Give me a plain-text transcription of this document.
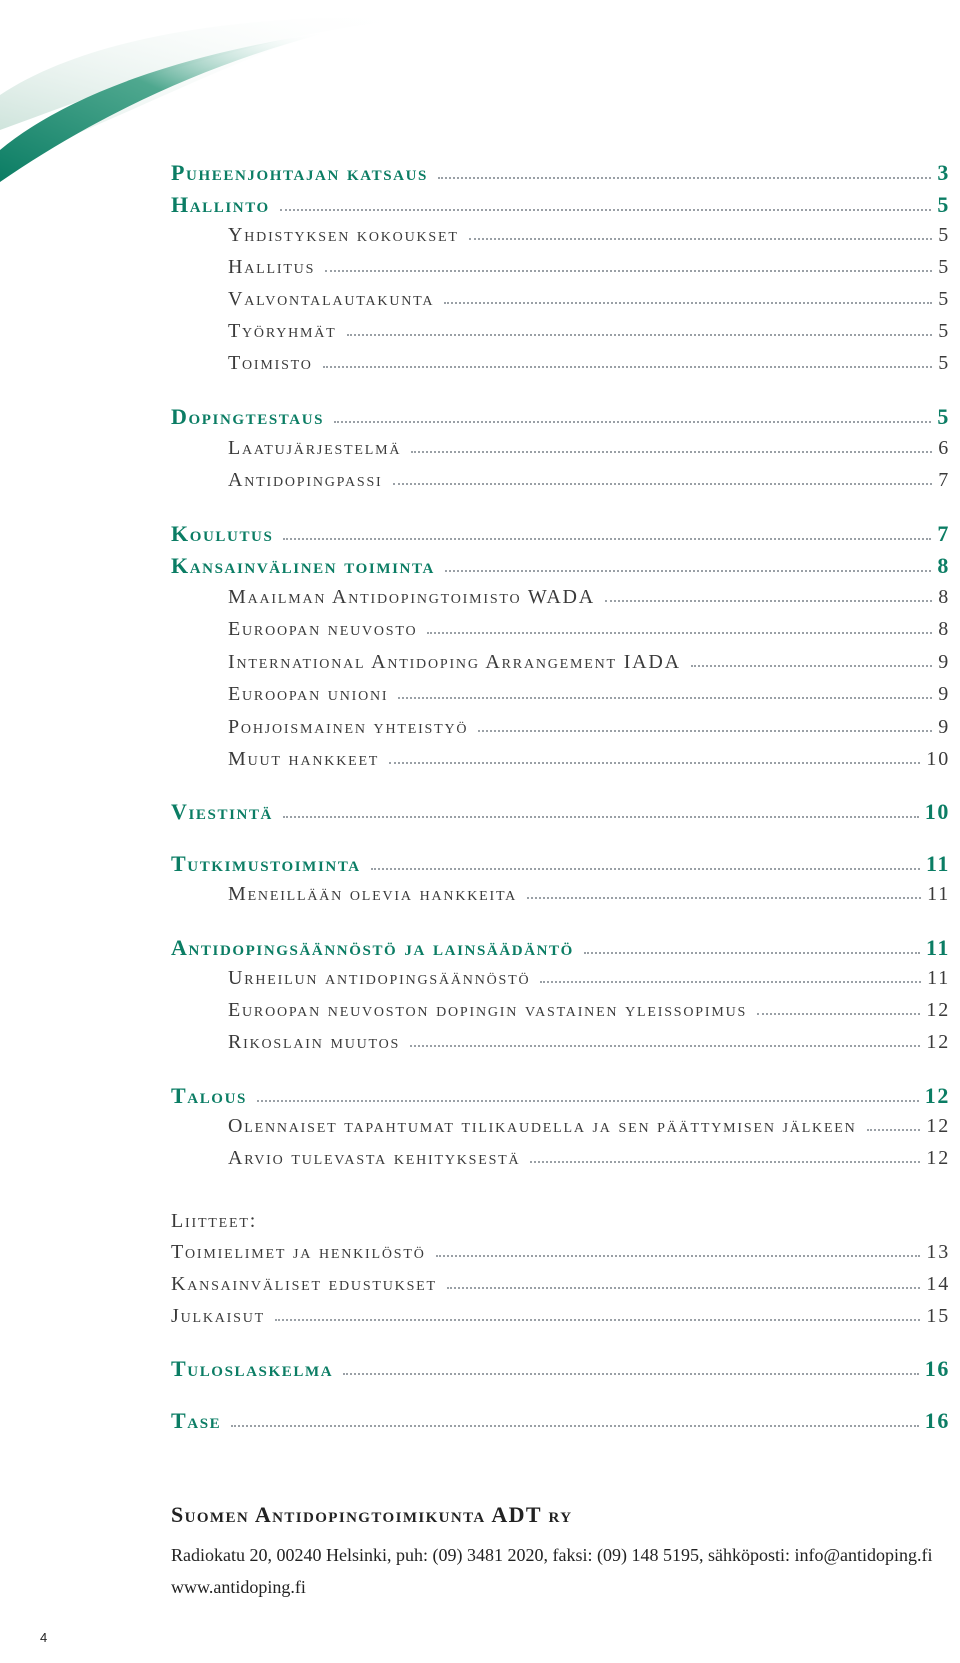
Puheenjohtajan katsaus	3
Hallinto	5
Yhdistyksen kokoukset	5
Hallitus	5
Valvontalautakunta	5
Työryhmät	5
Toimisto	5
Dopingtestaus	5
Laatujärjestelmä	6
Antidopingpassi	7
Koulutus	7
Kansainvälinen toiminta	8
Maailman Antidopingtoimisto WADA	8
Euroopan neuvosto	8
International Antidoping Arrangement IADA	9
Euroopan unioni	9
Pohjoismainen yhteistyö	9
Muut hankkeet	10
Viestintä	10
Tutkimustoiminta	11
Meneillään olevia hankkeita	11
Antidopingsäännöstö ja lainsäädäntö	11
Urheilun antidopingsäännöstö	11
Euroopan neuvoston dopingin vastainen yleissopimus	12
Rikoslain muutos	12
Talous	12
Olennaiset tapahtumat tilikaudella ja sen päättymisen jälkeen	12
Arvio tulevasta kehityksestä	12
Liitteet:
Toimielimet ja henkilöstö	13
Kansainväliset edustukset	14
Julkaisut	15
Tuloslaskelma	16
Tase	16
Suomen Antidopingtoimikunta ADT ry
Radiokatu 20, 00240 Helsinki, puh: (09) 3481 2020, faksi: (09) 148 5195, sähköposti: info@antidoping.fi
www.antidoping.fi
4
